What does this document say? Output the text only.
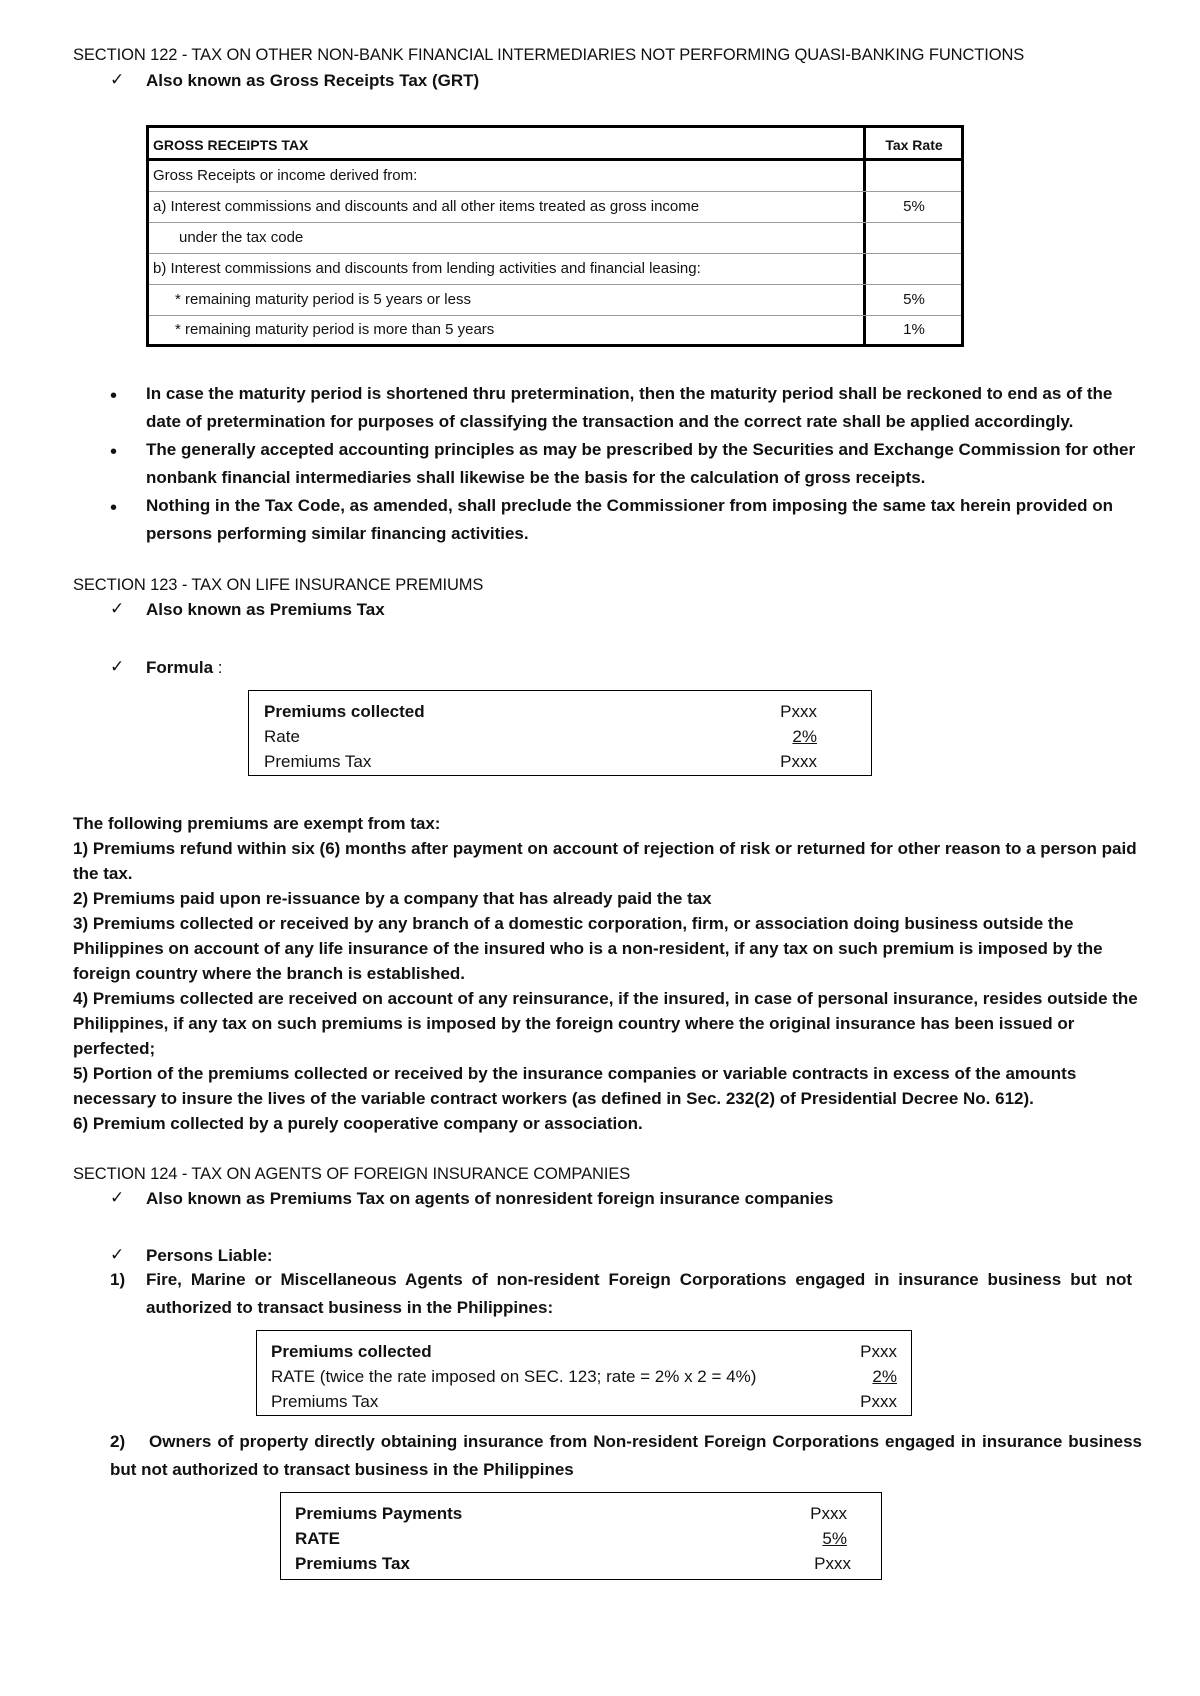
SECTION 122 - TAX ON OTHER NON-BANK FINANCIAL INTERMEDIARIES NOT PERFORMING QUASI-BANKING FUNCTIONS
✓	Also known as Gross Receipts Tax (GRT)
GROSS RECEIPTS TAX	Tax Rate
Gross Receipts or income derived from:
a) Interest commissions and discounts and all other items treated as gross income	5%
under the tax code
b) Interest commissions and discounts from lending activities and financial leasing:
* remaining maturity period is 5 years or less	5%
* remaining maturity period is more than 5 years	1%
• In case the maturity period is shortened thru pretermination, then the maturity period shall be reckoned to end as of the date of pretermination for purposes of classifying the transaction and the correct rate shall be applied accordingly.
• The generally accepted accounting principles as may be prescribed by the Securities and Exchange Commission for other nonbank financial intermediaries shall likewise be the basis for the calculation of gross receipts.
• Nothing in the Tax Code, as amended, shall preclude the Commissioner from imposing the same tax herein provided on persons performing similar financing activities.
SECTION 123 - TAX ON LIFE INSURANCE PREMIUMS
✓	Also known as Premiums Tax
✓	Formula :
Premiums collected	Pxxx
Rate	2%
Premiums Tax	Pxxx
The following premiums are exempt from tax:
1) Premiums refund within six (6) months after payment on account of rejection of risk or returned for other reason to a person paid the tax.
2) Premiums paid upon re-issuance by a company that has already paid the tax
3) Premiums collected or received by any branch of a domestic corporation, firm, or association doing business outside the Philippines on account of any life insurance of the insured who is a non-resident, if any tax on such premium is imposed by the foreign country where the branch is established.
4) Premiums collected are received on account of any reinsurance, if the insured, in case of personal insurance, resides outside the Philippines, if any tax on such premiums is imposed by the foreign country where the original insurance has been issued or perfected;
5) Portion of the premiums collected or received by the insurance companies or variable contracts in excess of the amounts necessary to insure the lives of the variable contract workers (as defined in Sec. 232(2) of Presidential Decree No. 612).
6) Premium collected by a purely cooperative company or association.
SECTION 124 - TAX ON AGENTS OF FOREIGN INSURANCE COMPANIES
✓	Also known as Premiums Tax on agents of nonresident foreign insurance companies
✓	Persons Liable:
1) Fire, Marine or Miscellaneous Agents of non-resident Foreign Corporations engaged in insurance business but not authorized to transact business in the Philippines:
Premiums collected	Pxxx
RATE (twice the rate imposed on SEC. 123; rate = 2% x 2 = 4%)	2%
Premiums Tax	Pxxx
2)    Owners of property directly obtaining insurance from Non-resident Foreign Corporations engaged in insurance business but not authorized to transact business in the Philippines
Premiums Payments	Pxxx
RATE	5%
Premiums Tax	Pxxx
